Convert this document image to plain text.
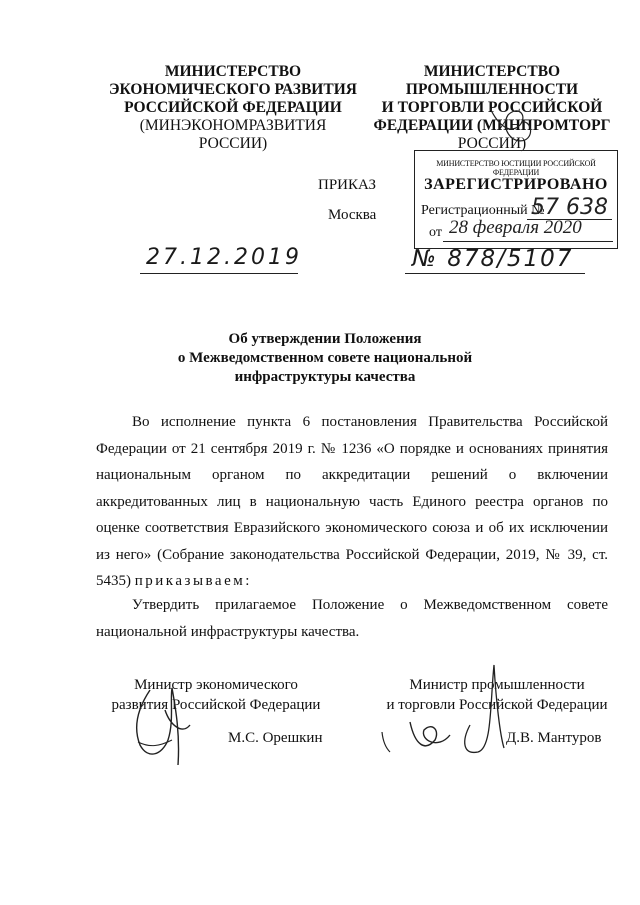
МИНИСТЕРСТВО
ЭКОНОМИЧЕСКОГО РАЗВИТИЯ
РОССИЙСКОЙ ФЕДЕРАЦИИ
(МИНЭКОНОМРАЗВИТИЯ
РОССИИ)
МИНИСТЕРСТВО
ПРОМЫШЛЕННОСТИ
И ТОРГОВЛИ РОССИЙСКОЙ
ФЕДЕРАЦИИ (МИНПРОМТОРГ
РОССИИ)
МИНИСТЕРСТВО ЮСТИЦИИ РОССИЙСКОЙ ФЕДЕРАЦИИ
ЗАРЕГИСТРИРОВАНО
Регистрационный №
57 638
от 28 февраля 2020
ПРИКАЗ
Москва
27.12.2019	№ 878/5107
Об утверждении Положения
о Межведомственном совете национальной
инфраструктуры качества

Во исполнение пункта 6 постановления Правительства Российской Федерации от 21 сентября 2019 г. № 1236 «О порядке и основаниях принятия национальным органом по аккредитации решений о включении аккредитованных лиц в национальную часть Единого реестра органов по оценке соответствия Евразийского экономического союза и об их исключении из него» (Собрание законодательства Российской Федерации, 2019, № 39, ст. 5435) приказываем:

Утвердить прилагаемое Положение о Межведомственном совете национальной инфраструктуры качества.

Министр экономического
развития Российской Федерации
М.С. Орешкин
Министр промышленности
и торговли Российской Федерации
Д.В. Мантуров
